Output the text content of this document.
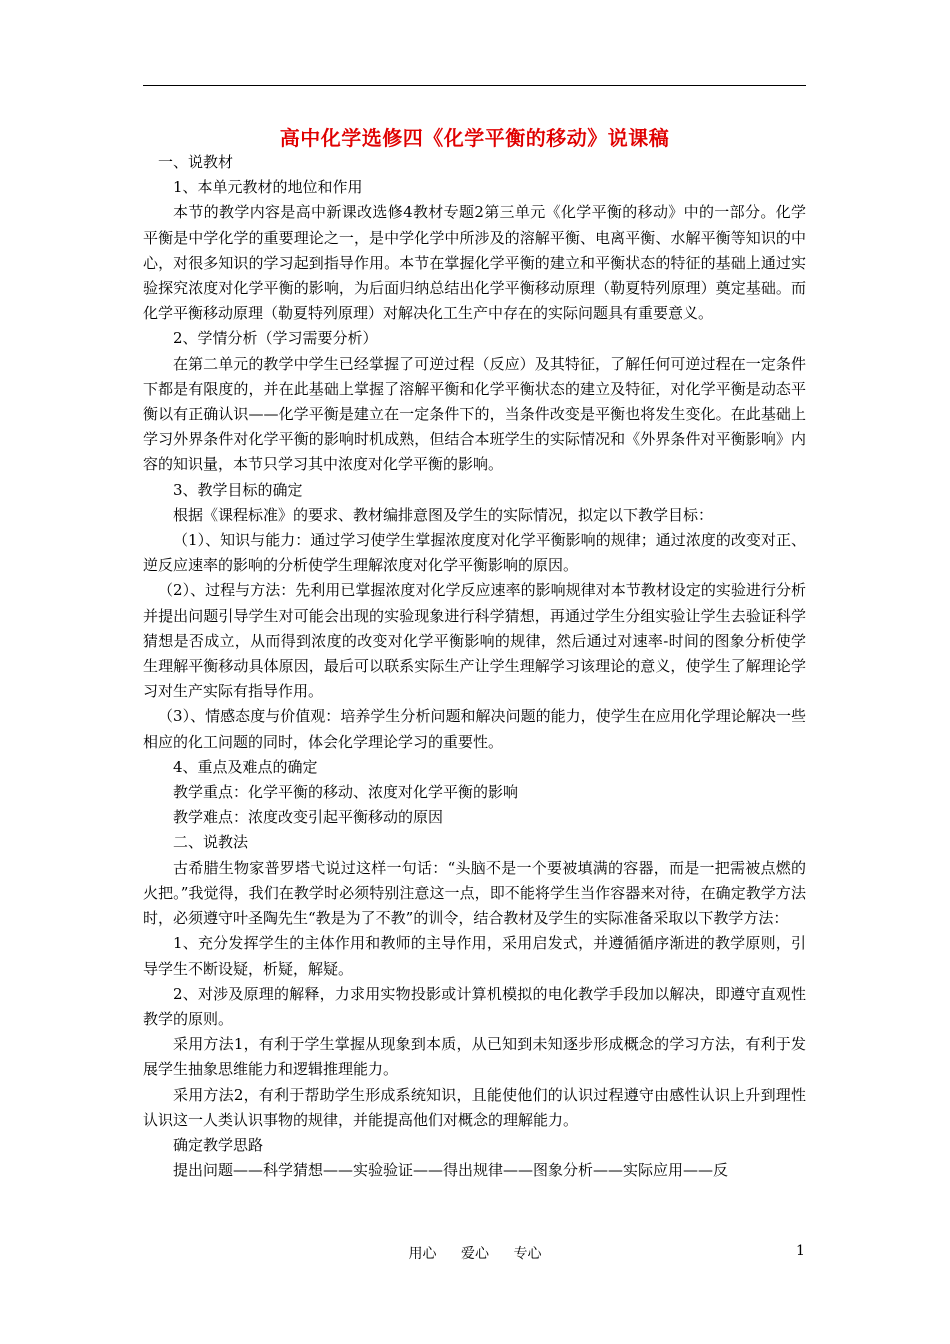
高中化学选修四《化学平衡的移动》说课稿

一、说教材

1、本单元教材的地位和作用

本节的教学内容是高中新课改选修4教材专题2第三单元《化学平衡的移动》中的一部分。化学平衡是中学化学的重要理论之一，是中学化学中所涉及的溶解平衡、电离平衡、水解平衡等知识的中心，对很多知识的学习起到指导作用。本节在掌握化学平衡的建立和平衡状态的特征的基础上通过实验探究浓度对化学平衡的影响，为后面归纳总结出化学平衡移动原理（勒夏特列原理）奠定基础。而化学平衡移动原理（勒夏特列原理）对解决化工生产中存在的实际问题具有重要意义。

2、学情分析（学习需要分析）

在第二单元的教学中学生已经掌握了可逆过程（反应）及其特征，了解任何可逆过程在一定条件下都是有限度的，并在此基础上掌握了溶解平衡和化学平衡状态的建立及特征，对化学平衡是动态平衡以有正确认识——化学平衡是建立在一定条件下的，当条件改变是平衡也将发生变化。在此基础上学习外界条件对化学平衡的影响时机成熟，但结合本班学生的实际情况和《外界条件对平衡影响》内容的知识量，本节只学习其中浓度对化学平衡的影响。

3、教学目标的确定

根据《课程标准》的要求、教材编排意图及学生的实际情况，拟定以下教学目标：

（1）、知识与能力：通过学习使学生掌握浓度度对化学平衡影响的规律；通过浓度的改变对正、逆反应速率的影响的分析使学生理解浓度对化学平衡影响的原因。

（2）、过程与方法：先利用已掌握浓度对化学反应速率的影响规律对本节教材设定的实验进行分析并提出问题引导学生对可能会出现的实验现象进行科学猜想，再通过学生分组实验让学生去验证科学猜想是否成立，从而得到浓度的改变对化学平衡影响的规律，然后通过对速率-时间的图象分析使学生理解平衡移动具体原因，最后可以联系实际生产让学生理解学习该理论的意义，使学生了解理论学习对生产实际有指导作用。

（3）、情感态度与价值观：培养学生分析问题和解决问题的能力，使学生在应用化学理论解决一些相应的化工问题的同时，体会化学理论学习的重要性。

4、重点及难点的确定

教学重点：化学平衡的移动、浓度对化学平衡的影响

教学难点：浓度改变引起平衡移动的原因

二、说教法

古希腊生物家普罗塔弋说过这样一句话：“头脑不是一个要被填满的容器，而是一把需被点燃的火把。”我觉得，我们在教学时必须特别注意这一点，即不能将学生当作容器来对待，在确定教学方法时，必须遵守叶圣陶先生“教是为了不教”的训令，结合教材及学生的实际准备采取以下教学方法：

1、充分发挥学生的主体作用和教师的主导作用，采用启发式，并遵循循序渐进的教学原则，引导学生不断设疑，析疑，解疑。

2、对涉及原理的解释，力求用实物投影或计算机模拟的电化教学手段加以解决，即遵守直观性教学的原则。

采用方法1，有利于学生掌握从现象到本质，从已知到未知逐步形成概念的学习方法，有利于发展学生抽象思维能力和逻辑推理能力。

采用方法2，有利于帮助学生形成系统知识，且能使他们的认识过程遵守由感性认识上升到理性认识这一人类认识事物的规律，并能提高他们对概念的理解能力。

确定教学思路

提出问题——科学猜想——实验验证——得出规律——图象分析——实际应用——反

用心 爱心 专心	1
